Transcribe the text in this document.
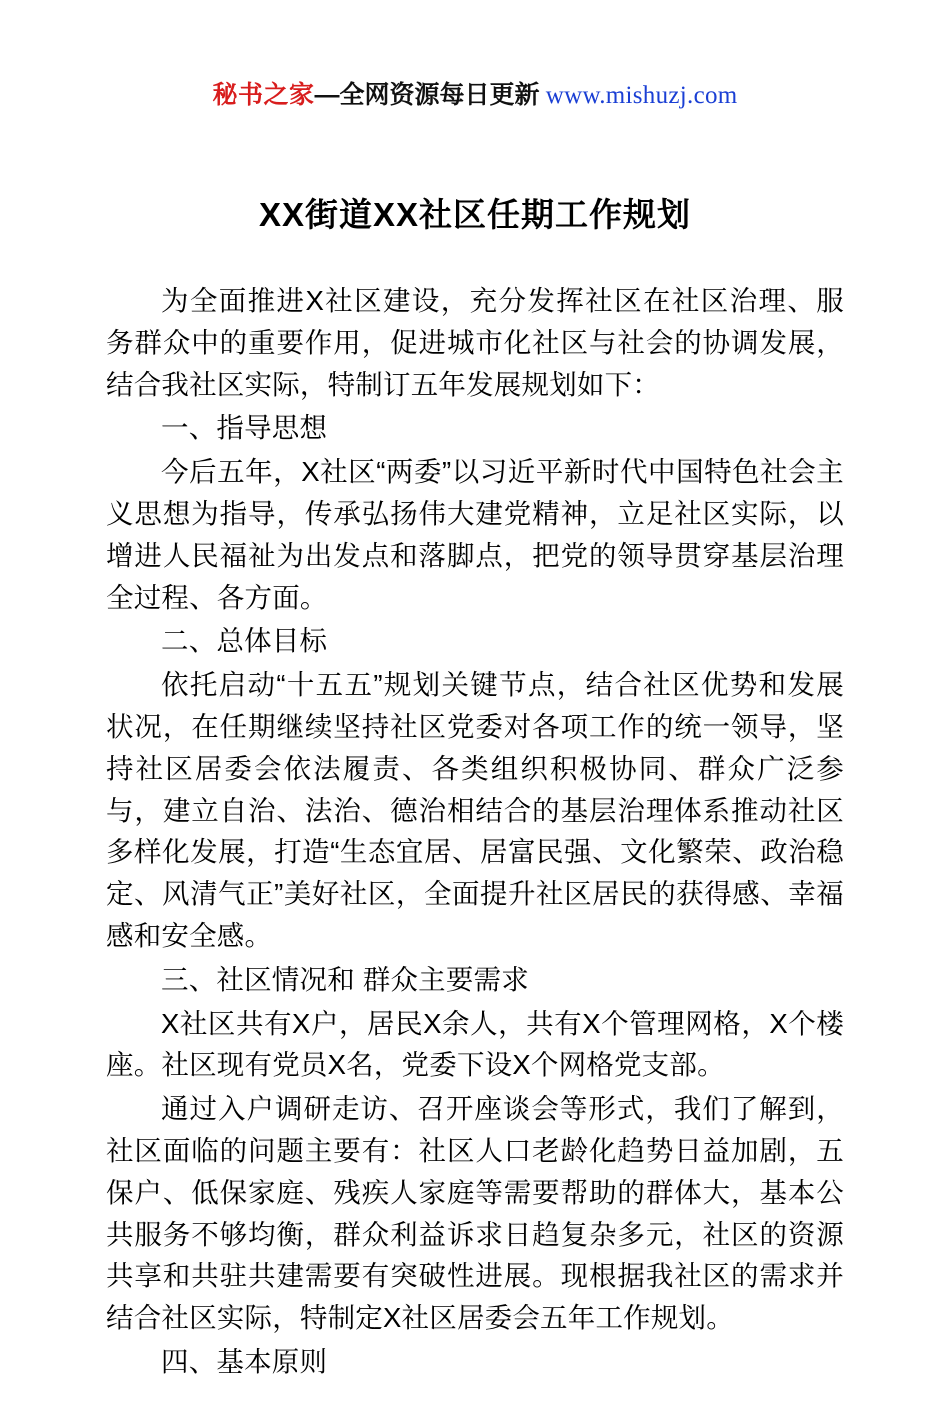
秘书之家—全网资源每日更新 www.mishuzj.com
XX街道XX社区任期工作规划

为全面推进X社区建设，充分发挥社区在社区治理、服务群众中的重要作用，促进城市化社区与社会的协调发展，结合我社区实际，特制订五年发展规划如下：

一、指导思想

今后五年，X社区“两委”以习近平新时代中国特色社会主义思想为指导，传承弘扬伟大建党精神，立足社区实际，以增进人民福祉为出发点和落脚点，把党的领导贯穿基层治理全过程、各方面。

二、总体目标

依托启动“十五五”规划关键节点，结合社区优势和发展状况，在任期继续坚持社区党委对各项工作的统一领导，坚持社区居委会依法履责、各类组织积极协同、群众广泛参与，建立自治、法治、德治相结合的基层治理体系推动社区多样化发展，打造“生态宜居、居富民强、文化繁荣、政治稳定、风清气正”美好社区，全面提升社区居民的获得感、幸福感和安全感。

三、社区情况和 群众主要需求

X社区共有X户，居民X余人，共有X个管理网格，X个楼座。社区现有党员X名，党委下设X个网格党支部。

通过入户调研走访、召开座谈会等形式，我们了解到，社区面临的问题主要有：社区人口老龄化趋势日益加剧，五保户、低保家庭、残疾人家庭等需要帮助的群体大，基本公共服务不够均衡，群众利益诉求日趋复杂多元，社区的资源共享和共驻共建需要有突破性进展。现根据我社区的需求并结合社区实际，特制定X社区居委会五年工作规划。

四、基本原则
